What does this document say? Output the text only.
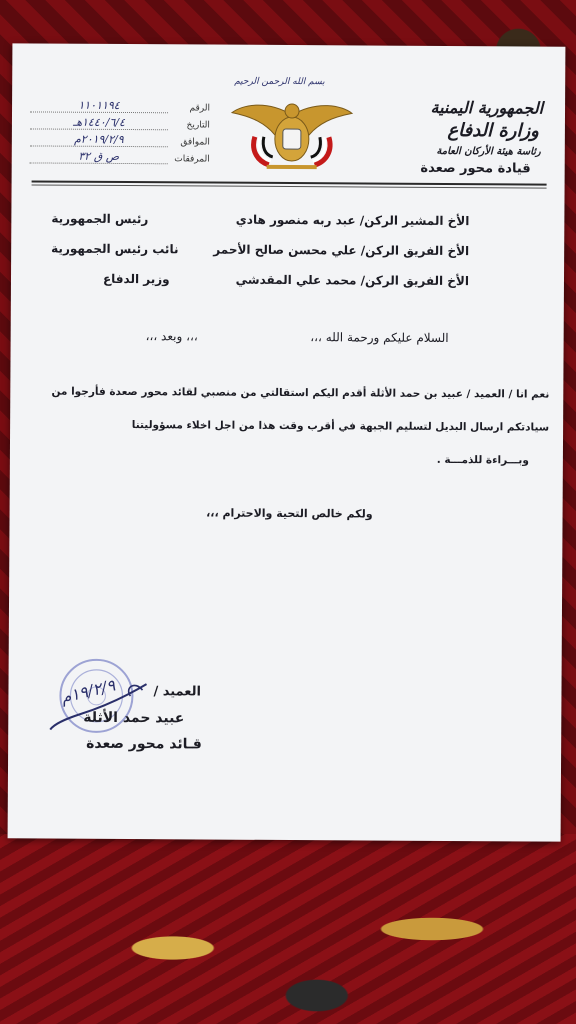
بسم الله الرحمن الرحيم
الجمهورية اليمنية
وزارة الدفاع
رئاسة هيئة الأركان العامة
قيادة محور صعدة
الرقم
١١٠١١٩٤
التاريخ
١٤٤٠/٦/٤هـ
الموافق
٢٠١٩/٢/٩م
المرفقات
ص ق ٣٢
الأخ المشير الركن/ عبد ربه منصور هادي
رئيس الجمهورية
الأخ الفريق الركن/ علي محسن صالح الأحمر
نائب رئيس الجمهورية
الأخ الفريق الركن/ محمد علي المقدشي
وزير الدفاع
السلام عليكم ورحمة الله ،،،
،،، وبعد ،،،
نعم انا / العميد / عبيد بن حمد الأثلة أقدم اليكم استقالتي من منصبي لقائد محور صعدة فأرجوا من
سيادتكم ارسال البديل لتسليم الجبهة في أقرب وقت هذا من اجل اخلاء مسؤوليتنا
وبـــراءة للذمـــة .
ولكم خالص التحية والاحترام ،،،
١٩/٢/٩م	العميد /
عبيد حمد الأثلة
قـائد محور صعدة
